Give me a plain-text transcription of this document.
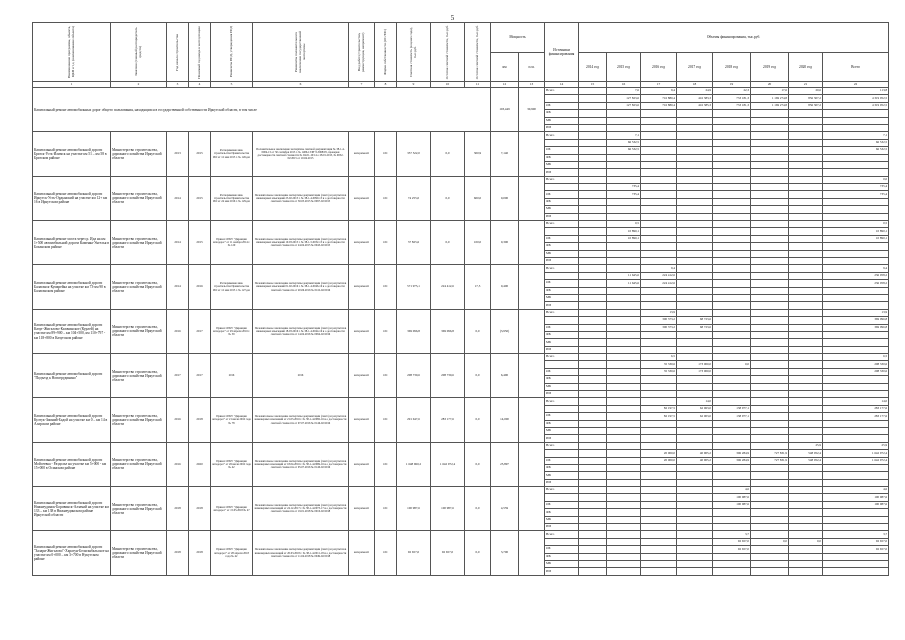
5
Наименование программы, объекта, ЦКП и т.д. (наименование объекта)	Заказчик (главный распорядитель средств)	Год начала строительства	Плановый год ввода в эксплуатацию	Реквизиты ПСД, утверждения ПСД	Реквизиты положительного заключения государственной экспертизы	Вид работ (строительство, реконструкция, капремонт)	Форма собственности (ОС/МС)	Сметная стоимость (в ценах года), тыс.руб.	Остаток сметной стоимости, тыс.руб.	Остаток сметной стоимости, тыс.руб.	Мощность		Источники финансирования	Объемы финансирования, тыс.руб.							
											км	п.м.		2014 год	2015 год	2016 год	2017 год	2018 год	2019 год	2020 год	Всего
1	2	3	4	5	6	7	8	9	10	11	12	13	14	15	16	17	18	19	20	21	22
Капитальный ремонт автомобильных дорог общего пользования, находящихся в государственной собственности Иркутской области, в том числе											103,449	30,900	Всего		7,6	9,4	24,9	22,3	17,6	20,6	113,8
															127 823,6	716 880,4	416 383,3	733 181,3	1 169 274,8	856 307,2	4 319 052,5
													ОБ		127 823,6	716 880,4	416 385,3	733 181,3	1 169 274,8	856 307,2	4 319 052,5
													ФБ								
													МБ								
													ИИ								
Капитальный ремонт автомобильной дороги Братск-Усть-Илимск на участке км 51 – км 58 в Братском районе	Министерство строительства, дорожного хозяйства Иркутской области	2013	2015	Распоряжение мин. строительства Правительства ИО от 12 мая 2015 г. № 126-рм	Положительное заключение экспертизы сметной документации № 38-1-4-0004-15 от 30 сентября 2013 г. № 1486-13/РГЭ-3068/05, проверки достоверности сметной стоимости № 04-01-10/14 о 28.01.2015, № 0032-02/2015 от 10.04.2015	кап.ремонт	ОС	357 522,0	0,0	300,9	7,140		Всего		7,1						7,1
															66 532,5						66 532,5
													ОБ		66 532,5						66 532,5
													ФБ								
													МБ								
													ИИ								
Капитальный ремонт автомобильной дороги Иркутск-Усть-Ордынский на участке км 12+ км 16 в Иркутском районе	Министерство строительства, дорожного хозяйства Иркутской области	2014	2015	Распоряжение мин. строительства Правительства ИО от 24 мая 2016 г. № 129-рм	Положительное заключение экспертизы документации (смета) и результатов инженерных изысканий 23.02.2015 г. № 38-1-4-0090-15 и о достоверности сметной стоимости от 30.03.2015 № 0097-02/2015	кап.ремонт	ОС	74 255,0	0,0	600,0	0,000		Всего								0,0
															735,4						735,4
													ОБ		735,4						735,4
													ФБ								
													МБ								
													ИИ								
Капитальный ремонт моста через р. Ида на км 1+500 автомобильной дороги Каменка-Унгелья в Боханском районе	Министерство строительства, дорожного хозяйства Иркутской области	2014	2015	Приказ ОГКУ "Дирекция автодорог" от 11 ноября 2014 г. № 120	Положительное заключение экспертизы документации (смета) и результатов инженерных изысканий 10.03.2015 г. № 38-1-5-0032-15 и о достоверности сметной стоимости от 24.04.2015 № 0043-02/2015	кап.ремонт	ОС	37 825,6	0,0	100,0	0,300		Всего		0,5						0,5
															10 890,1						10 890,1
													ОБ		10 890,1						10 890,1
													ФБ								
													МБ								
													ИИ								
Капитальный ремонт автомобильной дороги Балаганск-Кумарейка на участке км 73-км 90 в Балаганском районе	Министерство строительства, дорожного хозяйства Иркутской области	2014	2016	Распоряжение мин. строительства Правительства ИО от 12 мая 2015 г. № 127-рм	Положительное заключение экспертизы документации (смета) и результатов инженерных изысканий 01.02.2016 г. № 38-1-4-0046-16 и о достоверности сметной стоимости от 20.06.2016 № 0116-02/2016	кап.ремонт	ОС	571 975,1	224 412,6	17,5	0,400		Всего			9,4					9,4
															11 645,6	224 412,6					236 058,2
													ОБ		11 645,6	224 412,6					236 058,2
													ФБ								
													МБ								
													ИИ								
Капитальный ремонт автомобильной дороги Качуг-Жигалово-Казачинское (Курлей) на участке км 89+900 – км 104+500, км 110+797 - км 118+800 в Качугском районе	Министерство строительства, дорожного хозяйства Иркутской области	2016	2017	Приказ ОГКУ "Дирекция автодорог" от 29 апреля 2016 г. № 59	Положительное заключение экспертизы документации (смета) и результатов инженерных изысканий 18.03.2016 г. № 38-1-4-0044-16 и о достоверности сметной стоимости от 14.04.2016 № 0094-02/2016	кап.ремонт	ОС	369 096,8	369 096,8	0,0	(3,950)		Всего			13,9					13,9
																300 373,2	68 723,6				369 096,8
													ОБ			300 373,2	68 723,6				369 096,8
													ФБ								
													МБ								
													ИИ								
Капитальный ремонт автомобильной дороги "Подъезд к Новогрудинино"	Министерство строительства, дорожного хозяйства Иркутской области	2017	2017	2016	2016	кап.ремонт	ОС	208 730,6	208 730,6	0,0	6,490		Всего			6,5					6,5
																35 330,6	173 000,0	0,0			208 330,6
													ОБ			35 330,6	173 000,0				208 330,6
													ФБ								
													МБ								
													ИИ								
Капитальный ремонт автомобильной дороги Култук-Зимний-Бадой на участке км 0 – км 14 в Аларском районе	Министерство строительства, дорожного хозяйства Иркутской области	2016	2018	Приказ ОГКУ "Дирекция автодорог" от 21 июля 2016 года № 78	Положительное заключение экспертизы документации (смета) и результатов инженерных изысканий от 21.03.2016 г. № 38-1-4-0082-16 и о достоверности сметной стоимости от 07.07.2016 № 0146-02/2016	кап.ремонт	ОС	291 647,6	283 177,6	0,0	14,000		Всего				14,0				14,0
																82 197,5	62 063,0	138 977,1			283 177,6
													ОБ			82 197,5	62 003,0	138 977,1			283 177,6
													ФБ								
													МБ								
													ИИ								
Капитальный ремонт автомобильной дороги Мойсеевка - Раздолье на участке км 5+000 - км 15+000 в Осинском районе	Министерство строительства, дорожного хозяйства Иркутской области	2016	2020	Приказ ОГКУ "Дирекция автодорог" от 26 июля 2016 года № 42	Положительное заключение экспертизы документации (смета) и результатов инженерных изысканий от 18.04.2016 г. № 38-1-4-0069-16 и о достоверности сметной стоимости от 05.07.2016 № 0140-02/2016	кап.ремонт	ОС	1 648 960,2	1 642 972,4	0,0	25,897		Всего							25,9	25,9
																20 000,0	40 905,2	306 284,9	727 831,9	548 052,4	1 642 972,4
													ОБ			20 000,0	40 905,2	306 284,9	727 831,9	548 052,4	1 642 972,4
													ФБ								
													МБ								
													ИИ								
Капитальный ремонт автомобильной дороги Нижнеудинск-Боровинск-Алзамай на участке км 133 – км 138 в Нижнеудинском районе Иркутской области	Министерство строительства, дорожного хозяйства Иркутской области	2018	2018	Приказ ОГКУ "Дирекция автодорог" от 15.05.2018 № 47	Положительное заключение экспертизы документации (смета) и результатов инженерных изысканий от 24.12.2017 г. № 38-1-4-0073-17 и о достоверности сметной стоимости от 19.01.2018 № 0010-02/2018	кап.ремонт	ОС	100 987,6	100 987,6	0,0	4,559		Всего					4,6			4,6
																		100 987,6			100 987,6
													ОБ					100 987,6			100 987,6
													ФБ								
													МБ								
													ИИ								
Капитальный ремонт автомобильной дороги "Залари-Жигалово"-Харагун-Бельтаябальское на участке км 0+000 – км 3+700 в Нукутском районе	Министерство строительства, дорожного хозяйства Иркутской области	2018	2018	Приказ ОГКУ "Дирекция автодорог" от 28 апреля 2018 года № 42	Положительное заключение экспертизы документации (смета) и результатов инженерных изысканий от 20.03.2018 г. № 38-1-4-0011-18 и о достоверности сметной стоимости от 11.04.2018 № 0049-02/2018	кап.ремонт	ОС	92 657,0	92 657,0	0,0	3,700		Всего					3,7			3,7
																		92 657,0	0,0	0,0	92 657,0
													ОБ					92 657,0			92 657,0
													ФБ								
													МБ								
													ИИ								
